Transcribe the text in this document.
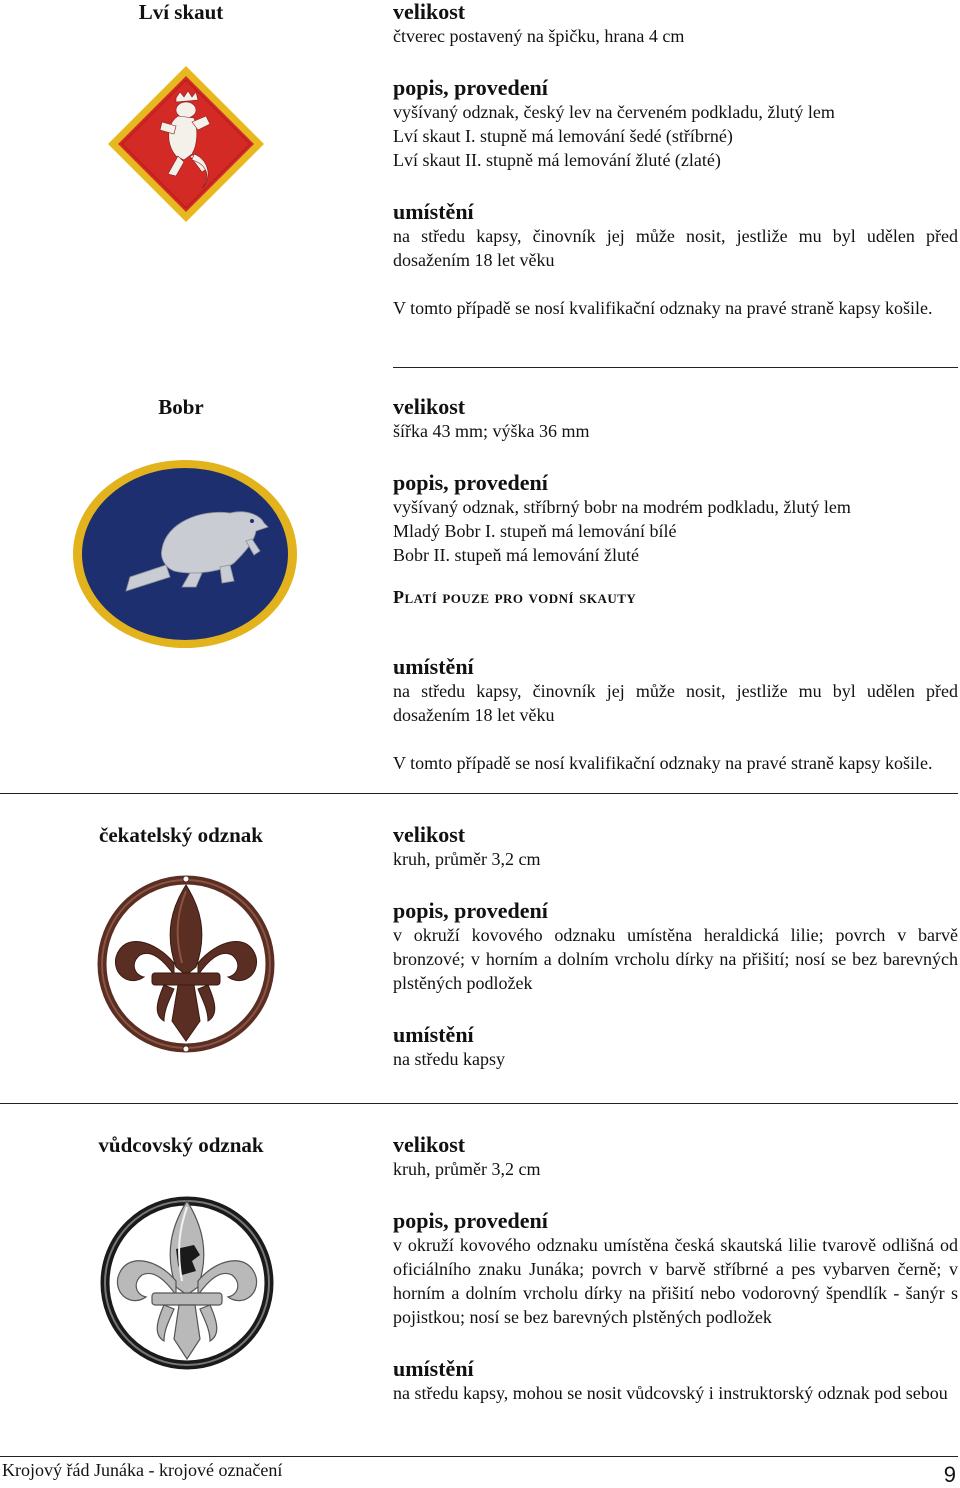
Lví skaut	velikost

čtverec postavený na špičku, hrana 4 cm

popis, provedení

vyšívaný odznak, český lev na červeném podkladu, žlutý lem

Lví skaut I. stupně má lemování šedé (stříbrné)

Lví skaut II. stupně má lemování žluté (zlaté)

umístění

na středu kapsy, činovník jej může nosit, jestliže mu byl udělen před dosažením 18 let věku

V tomto případě se nosí kvalifikační odznaky na pravé straně kapsy košile.

Bobr	velikost

šířka 43 mm; výška 36 mm

popis, provedení

vyšívaný odznak, stříbrný bobr na modrém podkladu, žlutý lem

Mladý Bobr I. stupeň má lemování bílé

Bobr II. stupeň má lemování žluté

Platí pouze pro vodní skauty

umístění

na středu kapsy, činovník jej může nosit, jestliže mu byl udělen před dosažením 18 let věku

V tomto případě se nosí kvalifikační odznaky na pravé straně kapsy košile.

čekatelský odznak	velikost

kruh, průměr 3,2 cm

popis, provedení

v okruží kovového odznaku umístěna heraldická lilie; povrch v barvě bronzové; v horním a dolním vrcholu dírky na přišití; nosí se bez barevných plstěných podložek

umístění

na středu kapsy

vůdcovský odznak	velikost

kruh, průměr 3,2 cm

popis, provedení

v okruží kovového odznaku umístěna česká skautská lilie tvarově odlišná od oficiálního znaku Junáka; povrch v barvě stříbrné a pes vybarven černě; v horním a dolním vrcholu dírky na přišití nebo vodorovný špendlík - šanýr s pojistkou; nosí se bez barevných plstěných podložek

umístění

na středu kapsy, mohou se nosit vůdcovský i instruktorský odznak pod sebou

Krojový řád Junáka - krojové označení	9
